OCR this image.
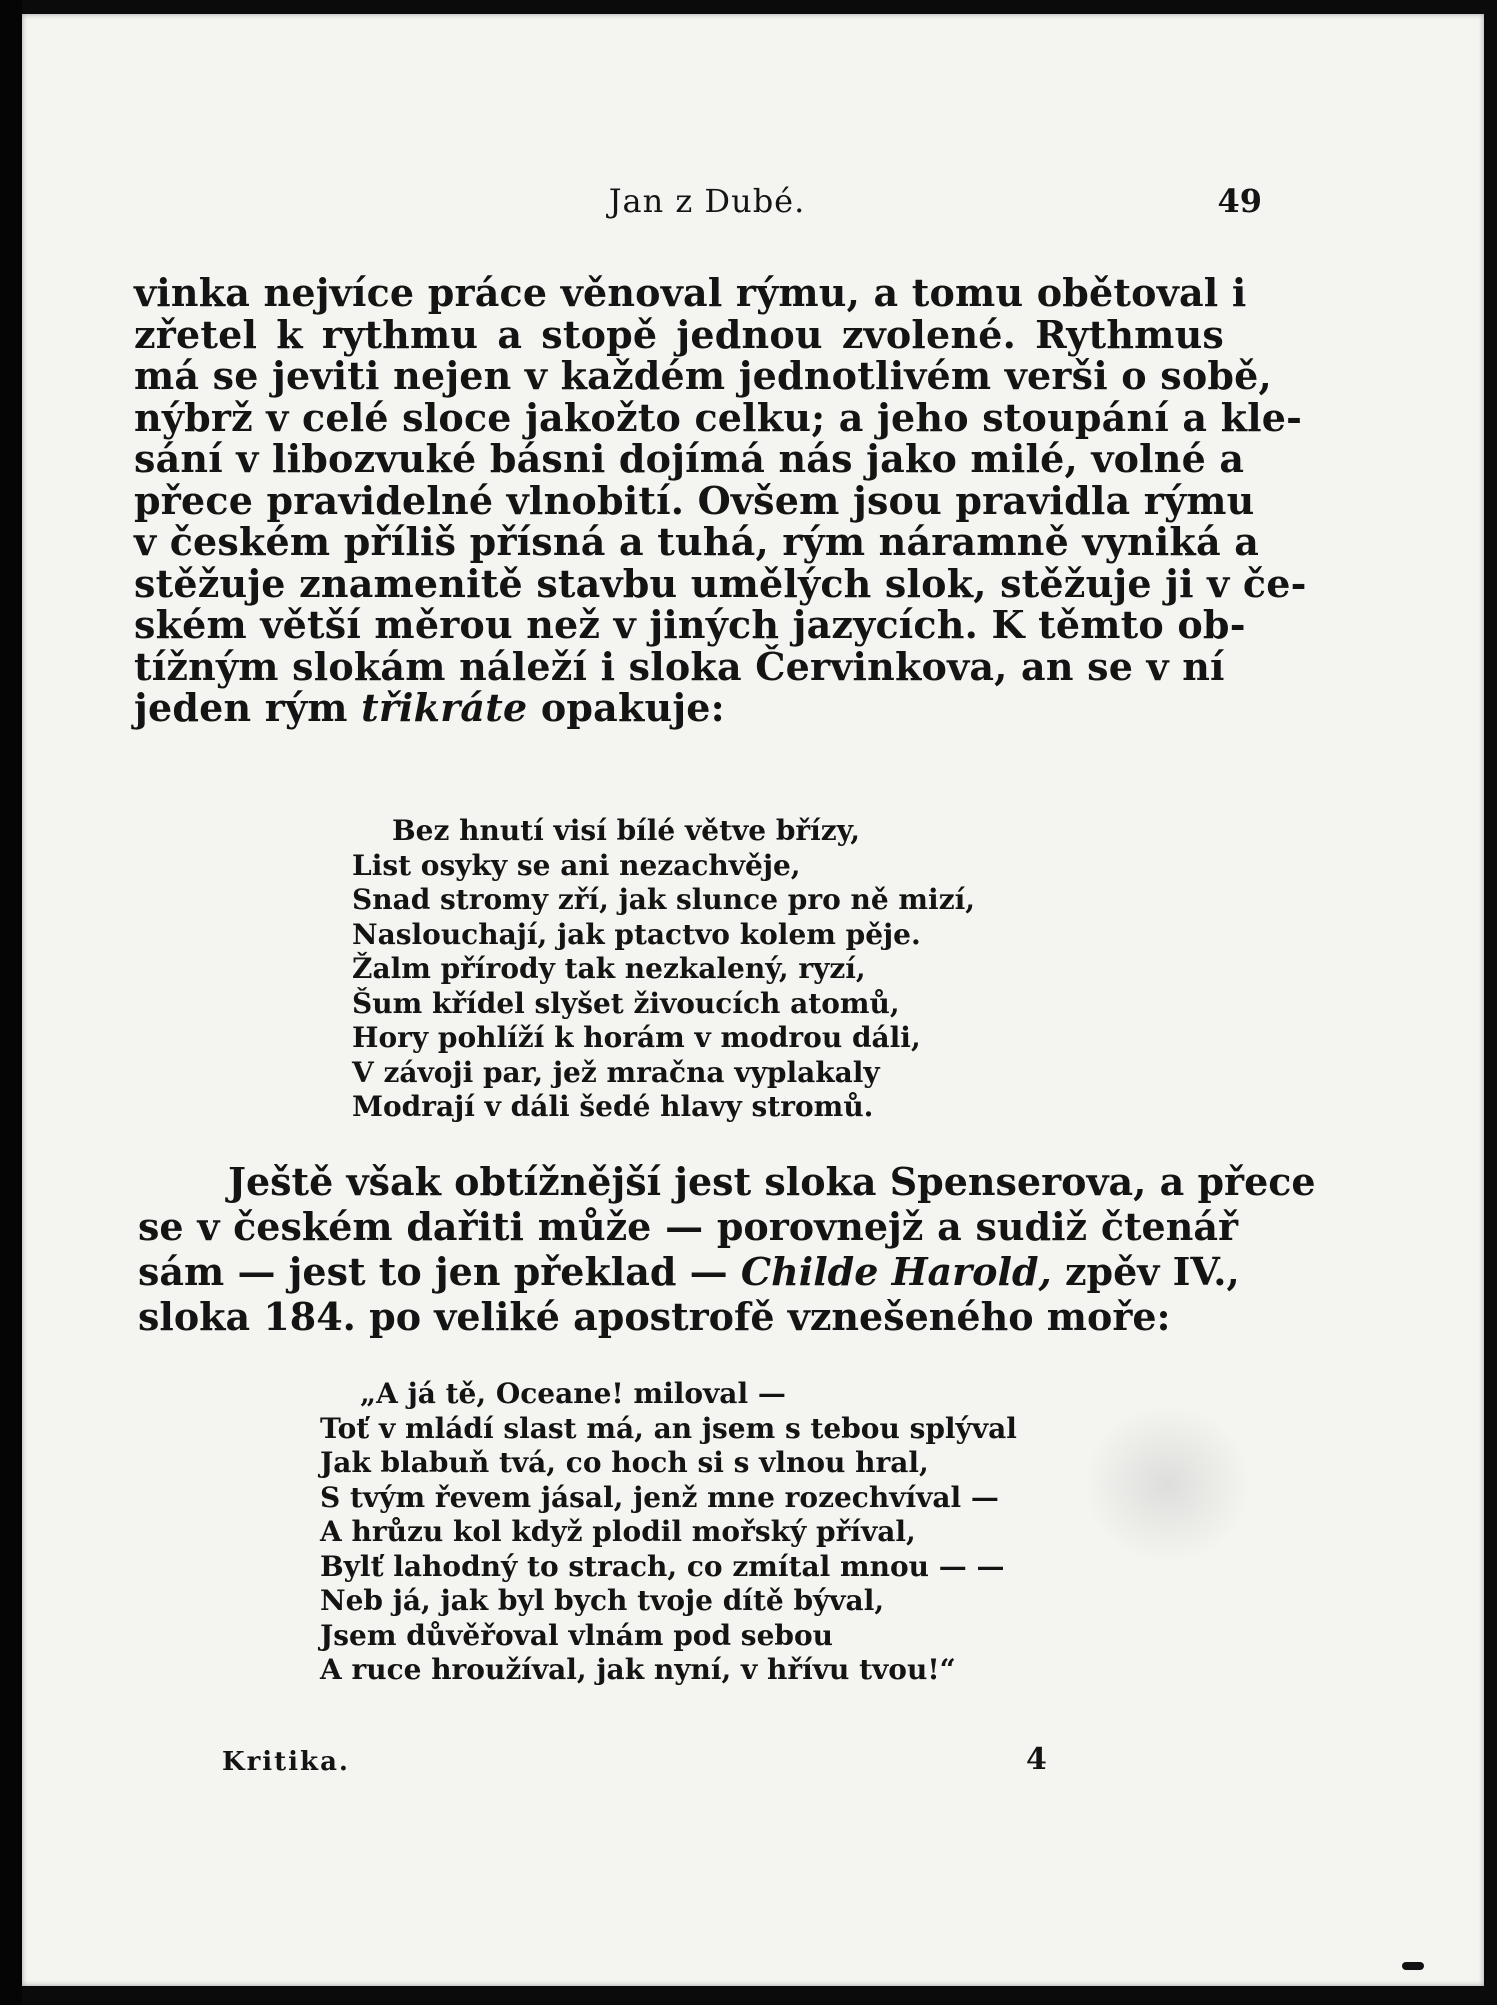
Jan z Dubé.	49
vinka nejvíce práce věnoval rýmu, a tomu obětoval i
zřetel k rythmu a stopě jednou zvolené. Rythmus
má se jeviti nejen v každém jednotlivém verši o sobě,
nýbrž v celé sloce jakožto celku; a jeho stoupání a kle-
sání v libozvuké básni dojímá nás jako milé, volné a
přece pravidelné vlnobití. Ovšem jsou pravidla rýmu
v českém příliš přísná a tuhá, rým náramně vyniká a
stěžuje znamenitě stavbu umělých slok, stěžuje ji v če-
ském větší měrou než v jiných jazycích. K těmto ob-
tížným slokám náleží i sloka Červinkova, an se v ní
jeden rým třikráte opakuje:
Bez hnutí visí bílé větve břízy,
List osyky se ani nezachvěje,
Snad stromy zří, jak slunce pro ně mizí,
Naslouchají, jak ptactvo kolem pěje.
Žalm přírody tak nezkalený, ryzí,
Šum křídel slyšet živoucích atomů,
Hory pohlíží k horám v modrou dáli,
V závoji par, jež mračna vyplakaly
Modrají v dáli šedé hlavy stromů.
Ještě však obtížnější jest sloka Spenserova, a přece
se v českém dařiti může — porovnejž a sudiž čtenář
sám — jest to jen překlad — Childe Harold, zpěv IV.,
sloka 184. po veliké apostrofě vznešeného moře:
„A já tě, Oceane! miloval —
Toť v mládí slast má, an jsem s tebou splýval
Jak blabuň tvá, co hoch si s vlnou hral,
S tvým řevem jásal, jenž mne rozechvíval —
A hrůzu kol když plodil mořský příval,
Bylť lahodný to strach, co zmítal mnou — —
Neb já, jak byl bych tvoje dítě býval,
Jsem důvěřoval vlnám pod sebou
A ruce hroužíval, jak nyní, v hřívu tvou!“
Kritika.	4
